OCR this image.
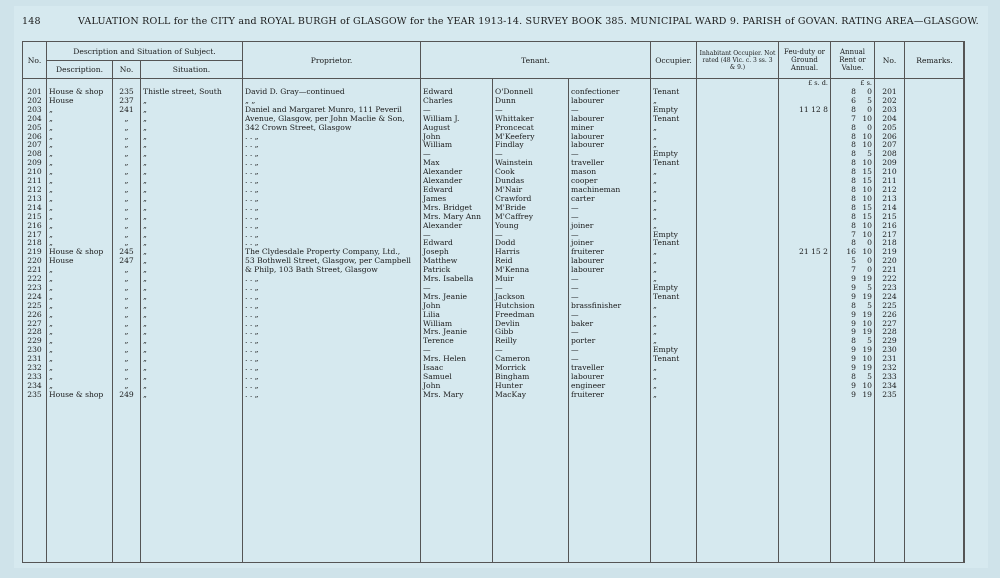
148	VALUATION ROLL for the CITY and ROYAL BURGH of GLASGOW for the YEAR 1913-14. SURVEY BOOK 385. MUNICIPAL WARD 9. PARISH of GOVAN. RATING AREA—GLASGOW.
No.	Description and Situation of Subject.			Proprietor.	Tenant.			Occupier.	Inhabitant Occupier. Not rated (48 Vic. c. 3 ss. 3 & 9.)	Feu-duty or Ground Annual.	Annual Rent or Value.	No.	Remarks.
	Description.	No.	Situation.										
										£ s. d.	£ s.		
201	House & shop	235	Thistle street, South	David D. Gray—continued	Edward	O'Donnell	confectioner	Tenant			8 0	201	
202	House	237	„	„ „	Charles	Dunn	labourer	„			6 5	202	
203	„	241	„	Daniel and Margaret Munro, 111 Peveril	—	—	—	Empty		11 12 8	8 0	203	
204	„	„	„	Avenue, Glasgow, per John Maclie & Son,	William J.	Whittaker	labourer	Tenant			7 10	204	
205	„	„	„	342 Crown Street, Glasgow	August	Proncecat	miner	„			8 0	205	
206	„	„	„	. . „	John	M'Keefery	labourer	„			8 10	206	
207	„	„	„	. . „	William	Findlay	labourer	„			8 10	207	
208	„	„	„	. . „	—	—	—	Empty			8 5	208	
209	„	„	„	. . „	Max	Wainstein	traveller	Tenant			8 10	209	
210	„	„	„	. . „	Alexander	Cook	mason	„			8 15	210	
211	„	„	„	. . „	Alexander	Dundas	cooper	„			8 15	211	
212	„	„	„	. . „	Edward	M'Nair	machineman	„			8 10	212	
213	„	„	„	. . „	James	Crawford	carter	„			8 10	213	
214	„	„	„	. . „	Mrs. Bridget	M'Bride	—	„			8 15	214	
215	„	„	„	. . „	Mrs. Mary Ann	M'Caffrey	—	„			8 15	215	
216	„	„	„	. . „	Alexander	Young	joiner	„			8 10	216	
217	„	„	„	. . „	—	—	—	Empty			7 10	217	
218	„	„	„	. . „	Edward	Dodd	joiner	Tenant			8 0	218	
219	House & shop	245	„	The Clydesdale Property Company, Ltd.,	Joseph	Harris	fruiterer	„		21 15 2	16 10	219	
220	House	247	„	53 Bothwell Street, Glasgow, per Campbell	Matthew	Reid	labourer	„			5 0	220	
221	„	„	„	& Philp, 103 Bath Street, Glasgow	Patrick	M'Kenna	labourer	„			7 0	221	
222	„	„	„	. . „	Mrs. Isabella	Muir	—	„			9 19	222	
223	„	„	„	. . „	—	—	—	Empty			9 5	223	
224	„	„	„	. . „	Mrs. Jeanie	Jackson	—	Tenant			9 19	224	
225	„	„	„	. . „	John	Hutchsion	brassfinisher	„			8 5	225	
226	„	„	„	. . „	Lilia	Freedman	—	„			9 19	226	
227	„	„	„	. . „	William	Devlin	baker	„			9 10	227	
228	„	„	„	. . „	Mrs. Jeanie	Gibb	—	„			9 19	228	
229	„	„	„	. . „	Terence	Reilly	porter	„			8 5	229	
230	„	„	„	. . „	—	—	—	Empty			9 19	230	
231	„	„	„	. . „	Mrs. Helen	Cameron	—	Tenant			9 10	231	
232	„	„	„	. . „	Isaac	Morrick	traveller	„			9 19	232	
233	„	„	„	. . „	Samuel	Bingham	labourer	„			8 5	233	
234	„	„	„	. . „	John	Hunter	engineer	„			9 10	234	
235	House & shop	249	„	. . „	Mrs. Mary	MacKay	fruiterer	„			9 19	235	
